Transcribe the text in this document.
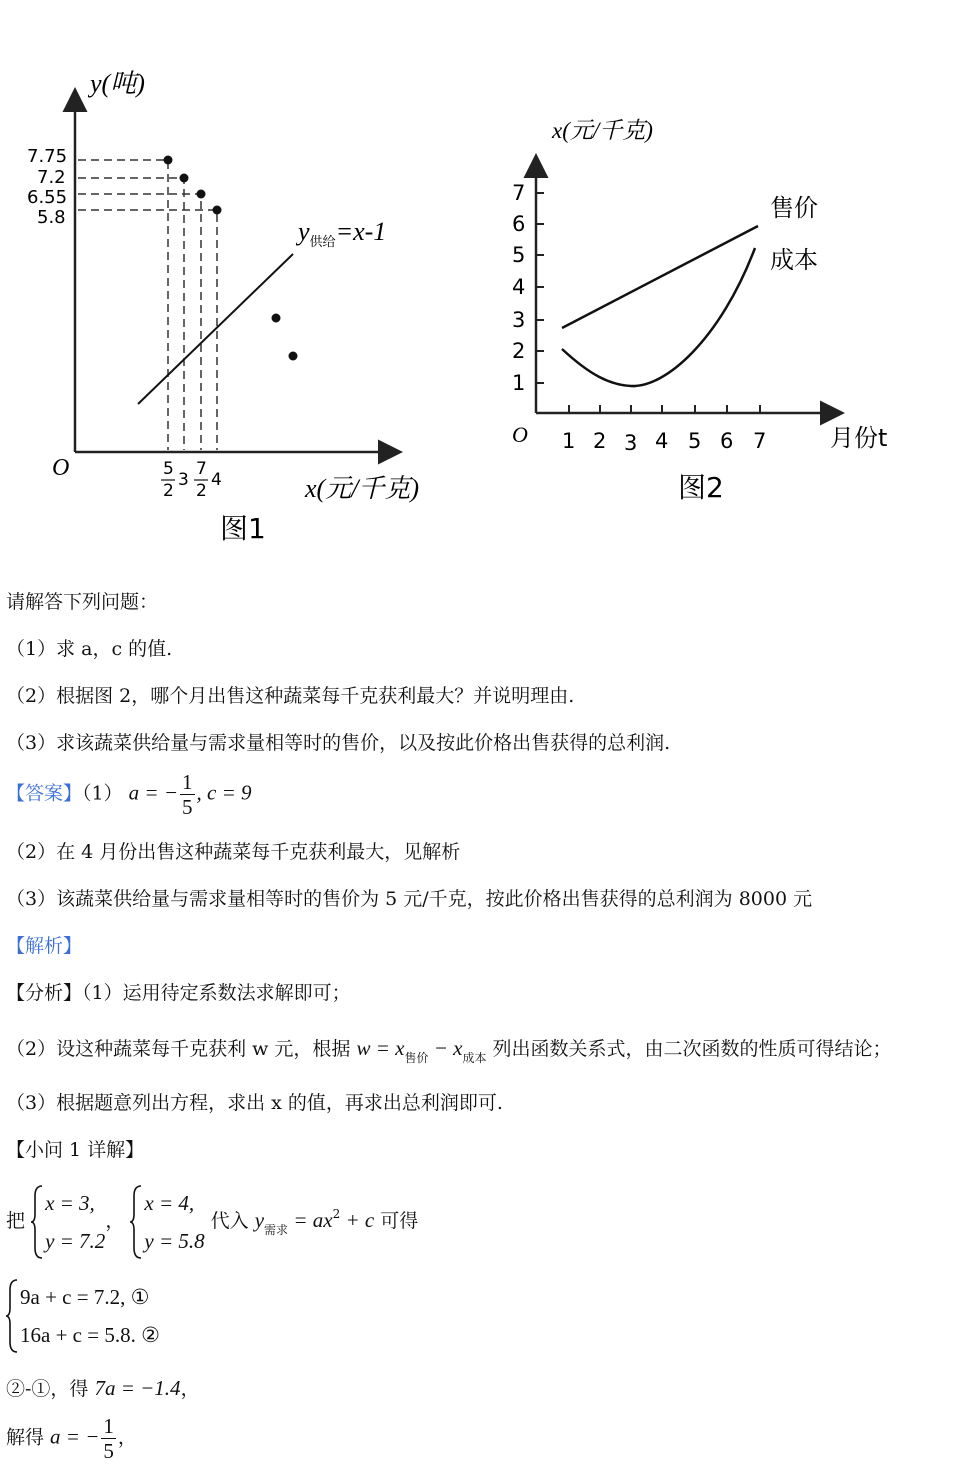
y(吨)
x(元/千克)
O
7.75
7.2
6.55
5.8	$y_{供给}=x-1$
5
2
3
7
2
4
图1
x(元/千克)
月份t
O
7
6
5
4
3
2
1
1 2 3 4 5 6 7
售价
成本
图2
请解答下列问题：
（1）求 a，c 的值.
（2）根据图 2，哪个月出售这种蔬菜每千克获利最大？并说明理由.
（3）求该蔬菜供给量与需求量相等时的售价，以及按此价格出售获得的总利润.
【答案】（1） a = − $\frac{1}{5}$ , c = 9
（2）在 4 月份出售这种蔬菜每千克获利最大，见解析
（3）该蔬菜供给量与需求量相等时的售价为 5 元/千克，按此价格出售获得的总利润为 8000 元
【解析】
【分析】（1）运用待定系数法求解即可；
（2）设这种蔬菜每千克获利 w 元，根据 $w = x_{售价} - x_{成本}$ 列出函数关系式，由二次函数的性质可得结论；
（3）根据题意列出方程，求出 x 的值，再求出总利润即可.
【小问 1 详解】
把
x = 3,
y = 7.2
，
x = 4,
y = 5.8
代入 $y_{需求} = ax^2 + c$ 可得
9a + c = 7.2, ①
16a + c = 5.8. ②
②-①，得 7a = −1.4，
解得 a = − $\frac{1}{5}$ ，
